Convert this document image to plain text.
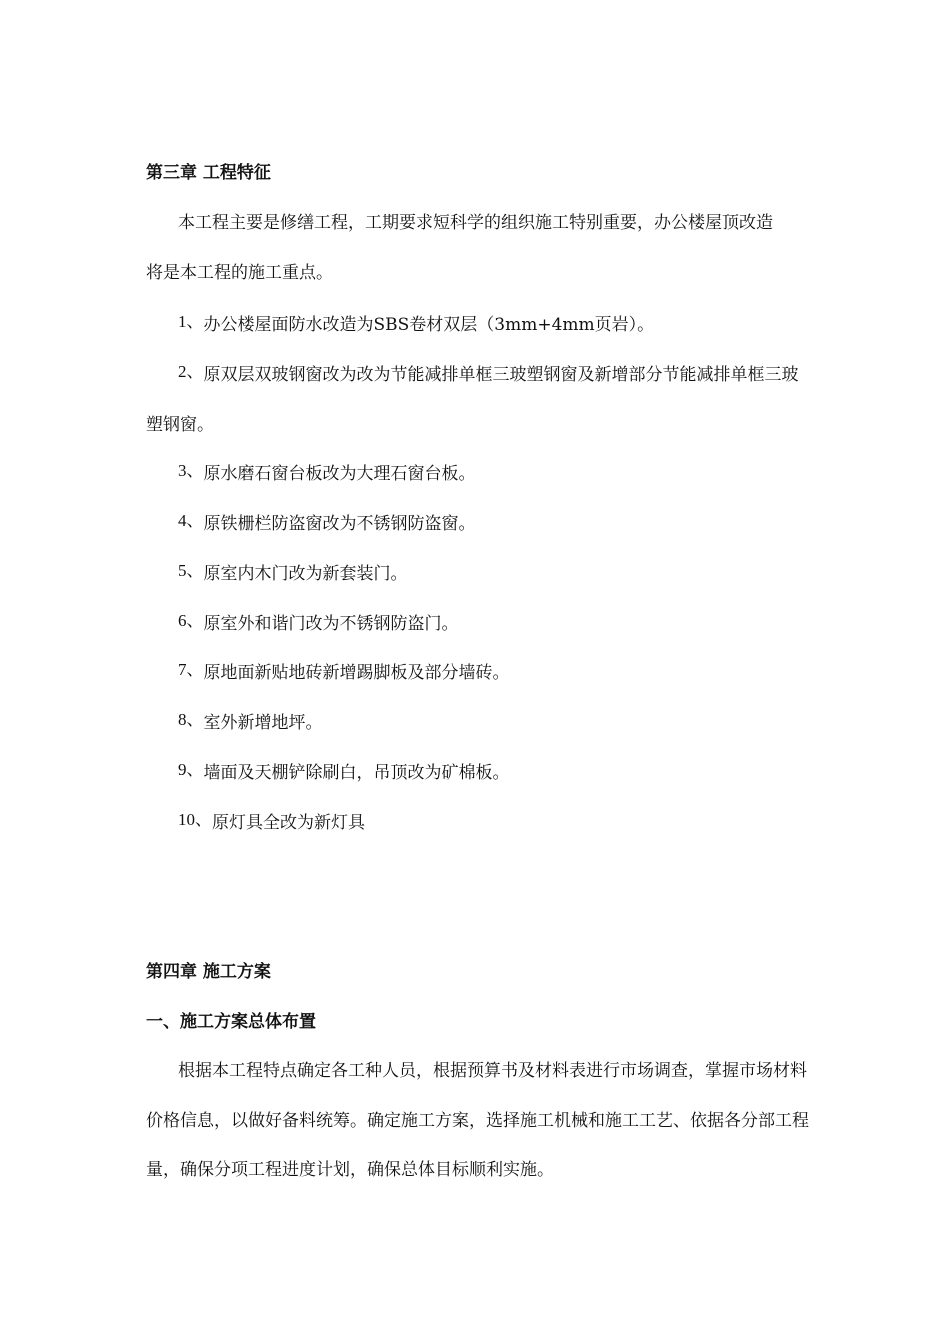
第三章 工程特征
本工程主要是修缮工程，工期要求短科学的组织施工特别重要，办公楼屋顶改造
将是本工程的施工重点。
1、办公楼屋面防水改造为SBS卷材双层（3mm+4mm页岩）。
2、原双层双玻钢窗改为改为节能减排单框三玻塑钢窗及新增部分节能减排单框三玻
塑钢窗。
3、原水磨石窗台板改为大理石窗台板。
4、原铁栅栏防盗窗改为不锈钢防盗窗。
5、原室内木门改为新套装门。
6、原室外和谐门改为不锈钢防盗门。
7、原地面新贴地砖新增踢脚板及部分墙砖。
8、室外新增地坪。
9、墙面及天棚铲除刷白，吊顶改为矿棉板。
10、原灯具全改为新灯具
第四章 施工方案
一、施工方案总体布置
根据本工程特点确定各工种人员，根据预算书及材料表进行市场调查，掌握市场材料
价格信息，以做好备料统筹。确定施工方案，选择施工机械和施工工艺、依据各分部工程
量，确保分项工程进度计划，确保总体目标顺利实施。
